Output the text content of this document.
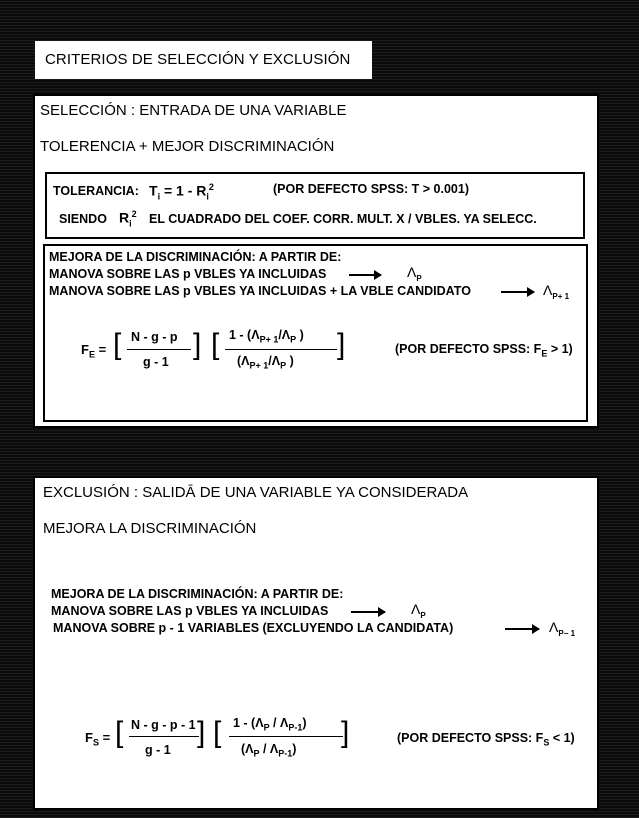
CRITERIOS DE SELECCIÓN Y EXCLUSIÓN
SELECCIÓN : ENTRADA DE UNA VARIABLE
TOLERENCIA + MEJOR DISCRIMINACIÓN
TOLERANCIA: $T_i = 1 - R_i^2$	(POR DEFECTO SPSS: T > 0.001)
SIENDO $R_i^2$ EL CUADRADO DEL COEF. CORR. MULT. X / VBLES. YA SELECC.
MEJORA DE LA DISCRIMINACIÓN: A PARTIR DE:
MANOVA SOBRE LAS p VBLES YA INCLUIDAS	$\Lambda_P$
MANOVA SOBRE LAS p VBLES YA INCLUIDAS + LA VBLE CANDIDATO	$\Lambda_{P+ 1}$
$F_E$ = [ N - g - p
g - 1
] [ $1 - (\Lambda_{P+ 1}/\Lambda_P$ )
($\Lambda_{P+ 1}/\Lambda_P$ ) ]	(POR DEFECTO SPSS: $F_E > 1$)
EXCLUSIÓN : SALIDĀ DE UNA VARIABLE YA CONSIDERADA
MEJORA LA DISCRIMINACIÓN
MEJORA DE LA DISCRIMINACIÓN: A PARTIR DE:
MANOVA SOBRE LAS p VBLES YA INCLUIDAS	$\Lambda_P$
MANOVA SOBRE p - 1 VARIABLES (EXCLUYENDO LA CANDIDATA)	$\Lambda_{P- 1}$
$F_S$ = [ N - g - p - 1
g - 1
] [ $1 - (\Lambda_P / \Lambda_{P-1})$
$(\Lambda_P / \Lambda_{P-1})$ ]	(POR DEFECTO SPSS: $F_S < 1$)
